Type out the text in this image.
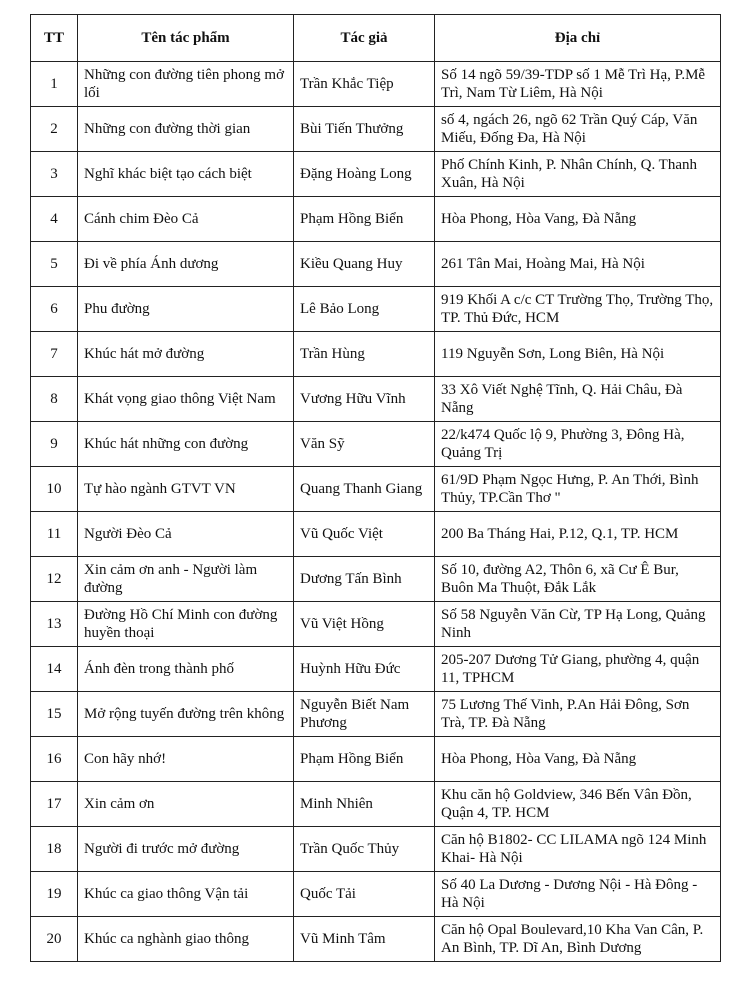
TT	Tên tác phẩm	Tác giả	Địa chỉ
1	Những con đường tiên phong mở lối	Trần Khắc Tiệp	Số 14 ngõ 59/39-TDP số 1 Mễ Trì Hạ, P.Mễ Trì, Nam Từ Liêm, Hà Nội
2	Những con đường thời gian	Bùi Tiến Thưởng	số 4, ngách 26, ngõ 62 Trần Quý Cáp, Văn Miếu, Đống Đa, Hà Nội
3	Nghĩ khác biệt tạo cách biệt	Đặng Hoàng Long	Phố Chính Kinh, P. Nhân Chính, Q. Thanh Xuân, Hà Nội
4	Cánh chim Đèo Cả	Phạm Hồng Biển	Hòa Phong, Hòa Vang, Đà Nẵng
5	Đi về phía Ánh dương	Kiều Quang Huy	261 Tân Mai, Hoàng Mai, Hà Nội
6	Phu đường	Lê Bảo Long	919 Khối A c/c CT Trường Thọ, Trường Thọ, TP. Thủ Đức, HCM
7	Khúc hát mở đường	Trần Hùng	119 Nguyễn Sơn, Long Biên, Hà Nội
8	Khát vọng giao thông Việt Nam	Vương Hữu Vĩnh	33 Xô Viết Nghệ Tĩnh, Q. Hải Châu, Đà Nẵng
9	Khúc hát những con đường	Văn Sỹ	22/k474 Quốc lộ 9, Phường 3, Đông Hà, Quảng Trị
10	Tự hào ngành GTVT VN	Quang Thanh Giang	61/9D Phạm Ngọc Hưng, P. An Thới, Bình Thủy, TP.Cần Thơ "
11	Người Đèo Cả	Vũ Quốc Việt	200 Ba Tháng Hai, P.12, Q.1, TP. HCM
12	Xin cảm ơn anh - Người làm đường	Dương Tấn Bình	Số 10, đường A2, Thôn 6, xã Cư Ê Bur, Buôn Ma Thuột, Đắk Lắk
13	Đường Hồ Chí Minh con đường huyền thoại	Vũ Việt Hồng	Số 58 Nguyễn Văn Cừ, TP Hạ Long, Quảng Ninh
14	Ánh đèn trong thành phố	Huỳnh Hữu Đức	205-207 Dương Tử Giang, phường 4, quận 11, TPHCM
15	Mở rộng tuyến đường trên không	Nguyễn Biết Nam Phương	75 Lương Thế Vinh, P.An Hải Đông, Sơn Trà, TP. Đà Nẵng
16	Con hãy nhớ!	Phạm Hồng Biển	Hòa Phong, Hòa Vang, Đà Nẵng
17	Xin cảm ơn	Minh Nhiên	Khu căn hộ Goldview, 346 Bến Vân Đồn, Quận 4, TP. HCM
18	Người đi trước mở đường	Trần Quốc Thủy	Căn hộ B1802- CC LILAMA ngõ 124 Minh Khai- Hà Nội
19	Khúc ca giao thông Vận tải	Quốc Tải	Số 40 La Dương - Dương Nội - Hà Đông - Hà Nội
20	Khúc ca nghành giao thông	Vũ Minh Tâm	Căn hộ Opal Boulevard,10 Kha Van Cân, P. An Bình, TP. Dĩ An, Bình Dương
